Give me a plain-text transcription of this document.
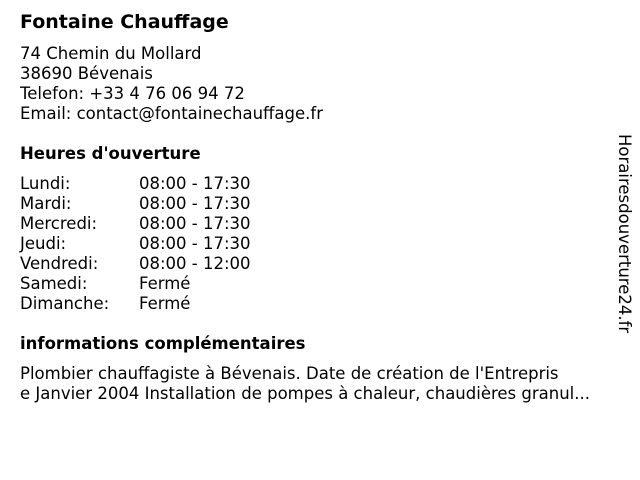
Fontaine Chauffage
74 Chemin du Mollard
38690 Bévenais
Telefon: +33 4 76 06 94 72
Email: contact@fontainechauffage.fr
Heures d'ouverture
Lundi:	08:00 - 17:30
Mardi:	08:00 - 17:30
Mercredi:	08:00 - 17:30
Jeudi:	08:00 - 17:30
Vendredi: 08:00 - 12:00
Samedi:	Fermé
Dimanche: Fermé
informations complémentaires
Plombier chauffagiste à Bévenais. Date de création de l'Entrepris
e Janvier 2004 Installation de pompes à chaleur, chaudières granul...
Horairesdouverture24.fr
